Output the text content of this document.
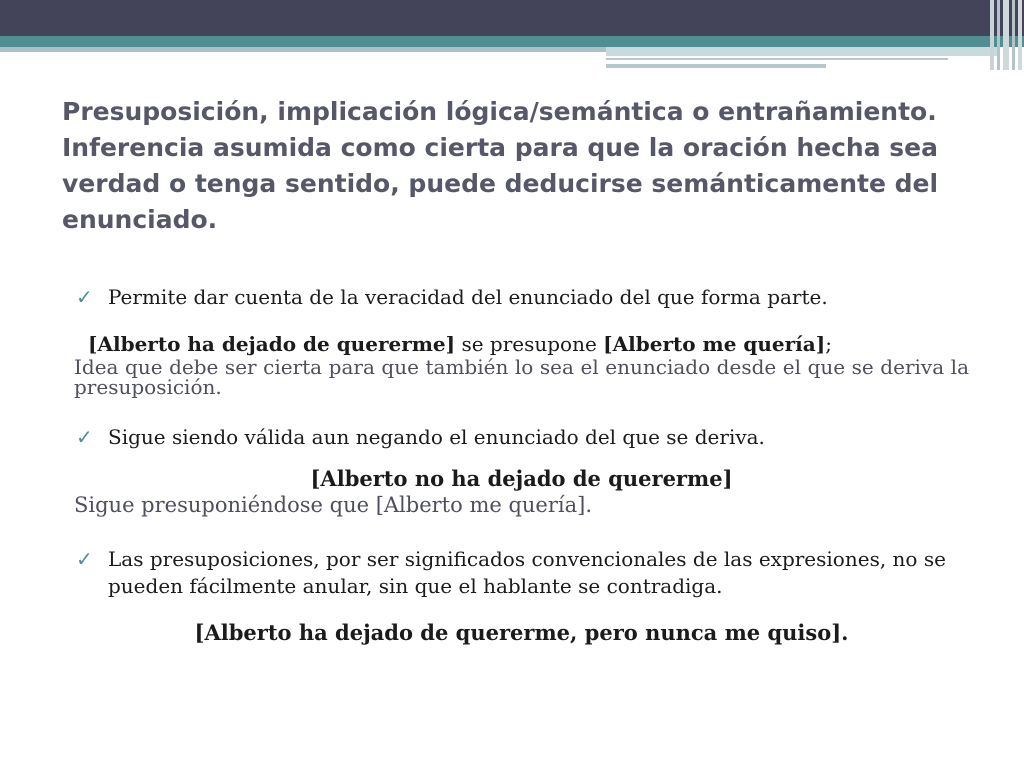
Presuposición, implicación lógica/semántica o entrañamiento. Inferencia asumida como cierta para que la oración hecha sea verdad o tenga sentido, puede deducirse semánticamente del enunciado.
✓ Permite dar cuenta de la veracidad del enunciado del que forma parte.
[Alberto ha dejado de quererme] se presupone [Alberto me quería];
Idea que debe ser cierta para que también lo sea el enunciado desde el que se deriva la presuposición.
✓ Sigue siendo válida aun negando el enunciado del que se deriva.
[Alberto no ha dejado de quererme]
Sigue presuponiéndose que [Alberto me quería].
✓ Las presuposiciones, por ser significados convencionales de las expresiones, no se pueden fácilmente anular, sin que el hablante se contradiga.
[Alberto ha dejado de quererme, pero nunca me quiso].
